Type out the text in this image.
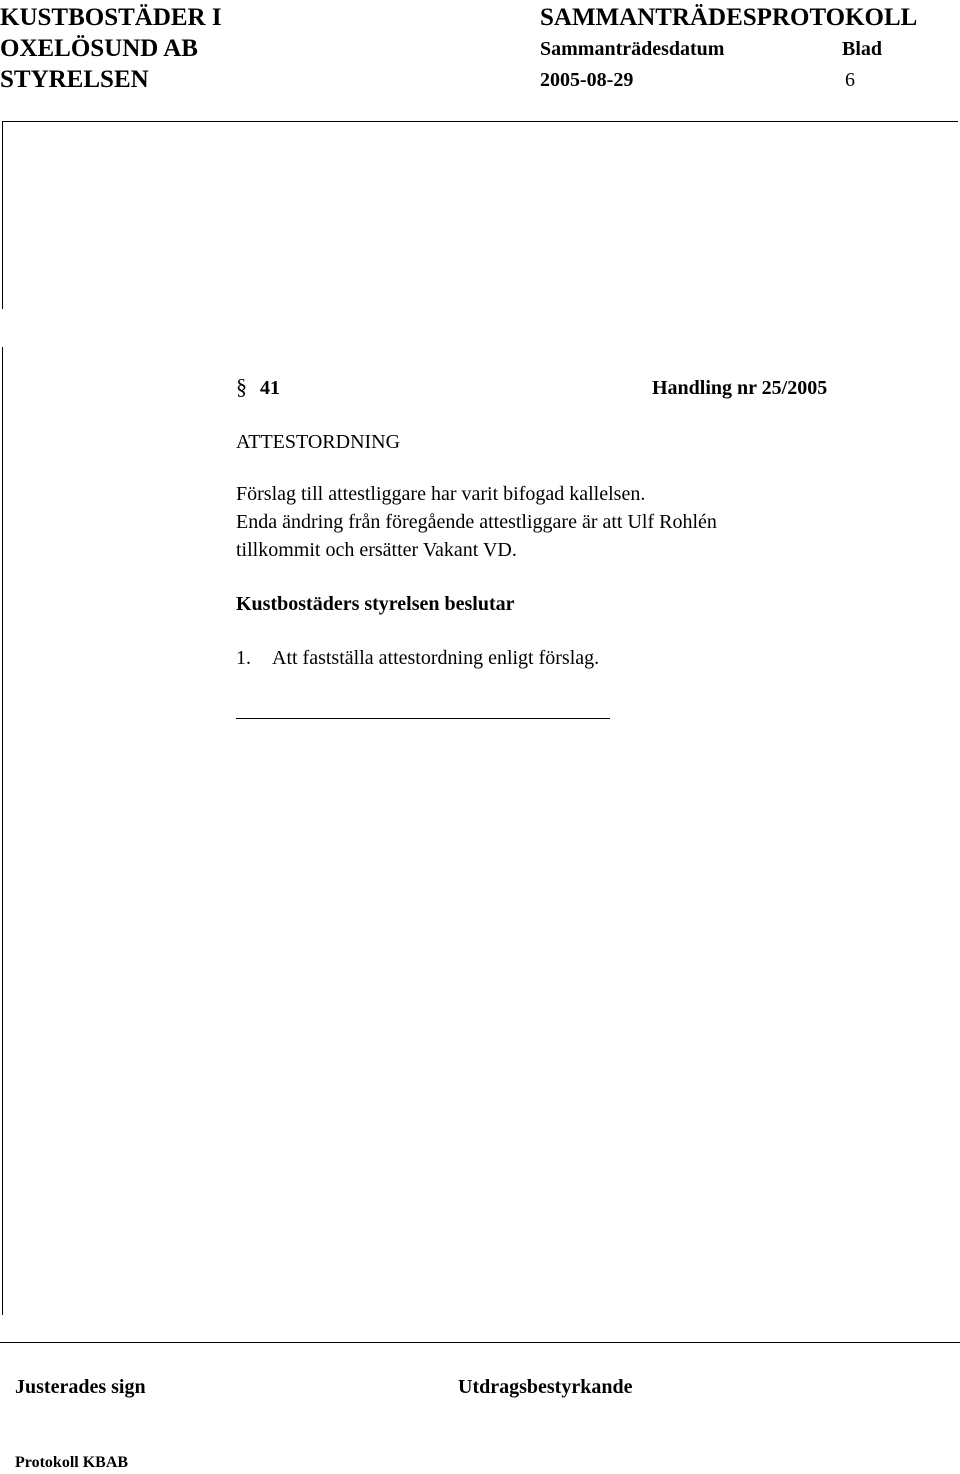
KUSTBOSTÄDER I
OXELÖSUND AB
STYRELSEN
SAMMANTRÄDESPROTOKOLL
Sammanträdesdatum	Blad
2005-08-29	6
§ 41	Handling nr 25/2005
ATTESTORDNING
Förslag till attestliggare har varit bifogad kallelsen.
Enda ändring från föregående attestliggare är att Ulf Rohlén
tillkommit och ersätter Vakant VD.
Kustbostäders styrelsen beslutar
1. Att fastställa attestordning enligt förslag.
Justerades sign	Utdragsbestyrkande
Protokoll KBAB
